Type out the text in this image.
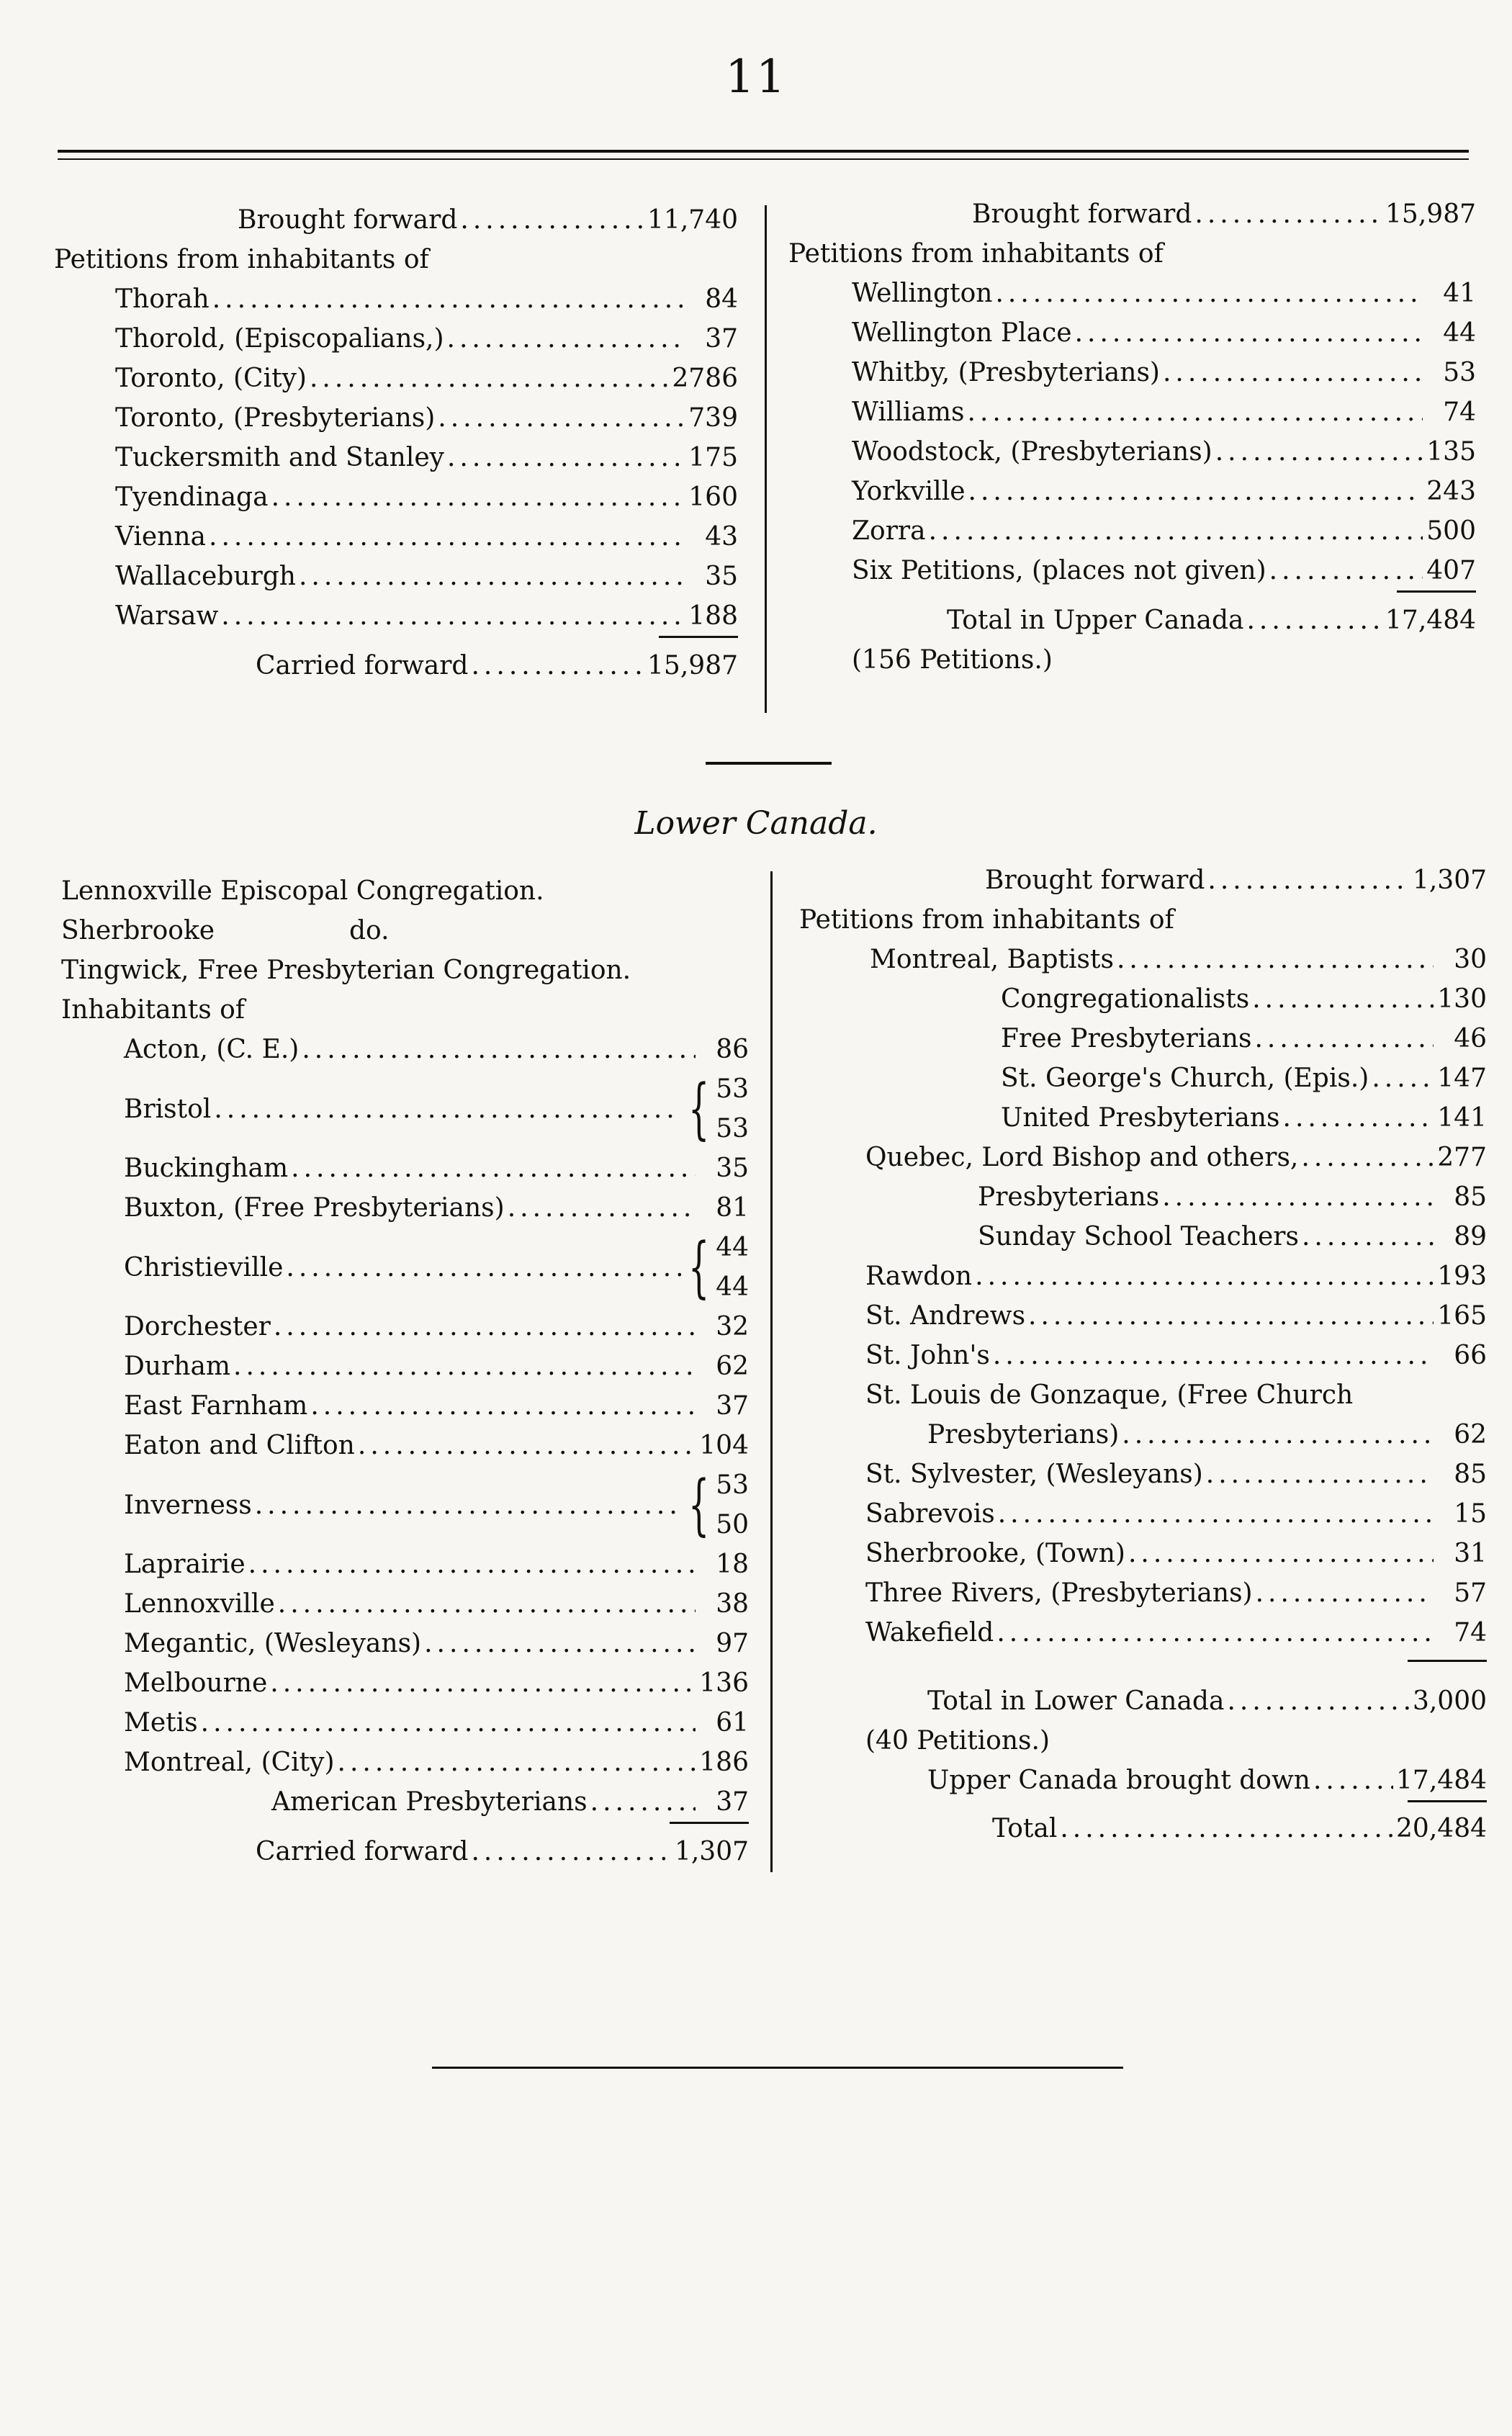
11
Brought forward .....	11,740
Petitions from inhabitants of
Thorah .....	84
Thorold, (Episcopalians,) .....	37
Toronto, (City) .....	2786
Toronto, (Presbyterians) .....	739
Tuckersmith and Stanley .....	175
Tyendinaga .....	160
Vienna .....	43
Wallaceburgh .....	35
Warsaw .....	188
Carried forward .....	15,987
Brought forward .....	15,987
Petitions from inhabitants of
Wellington .....	41
Wellington Place .....	44
Whitby, (Presbyterians) .....	53
Williams .....	74
Woodstock, (Presbyterians) .....	135
Yorkville .....	243
Zorra .....	500
Six Petitions, (places not given) .....	407
Total in Upper Canada .....	17,484
(156 Petitions.)
Lower Canada.
Lennoxville Episcopal Congregation.
Sherbrooke	do.
Tingwick, Free Presbyterian Congregation.
Inhabitants of
Acton, (C. E.) .....	86
Bristol .....	{ 53
53
Buckingham .....	35
Buxton, (Free Presbyterians) .....	81
Christieville .....	{ 44
44
Dorchester .....	32
Durham .....	62
East Farnham .....	37
Eaton and Clifton .....	104
Inverness .....	{ 53
50
Laprairie .....	18
Lennoxville .....	38
Megantic, (Wesleyans) .....	97
Melbourne .....	136
Metis .....	61
Montreal, (City) .....	186
American Presbyterians .....	37
Carried forward .....	1,307
Brought forward .....	1,307
Petitions from inhabitants of
Montreal, Baptists .....	30
Congregationalists .....	130
Free Presbyterians .....	46
St. George's Church, (Epis.) .....	147
United Presbyterians .....	141
Quebec, Lord Bishop and others, .....	277
Presbyterians .....	85
Sunday School Teachers .....	89
Rawdon .....	193
St. Andrews .....	165
St. John's .....	66
St. Louis de Gonzaque, (Free Church
Presbyterians) .....	62
St. Sylvester, (Wesleyans) .....	85
Sabrevois .....	15
Sherbrooke, (Town) .....	31
Three Rivers, (Presbyterians) .....	57
Wakefield .....	74
Total in Lower Canada .....	3,000
(40 Petitions.)
Upper Canada brought down .....	17,484
Total .....	20,484
